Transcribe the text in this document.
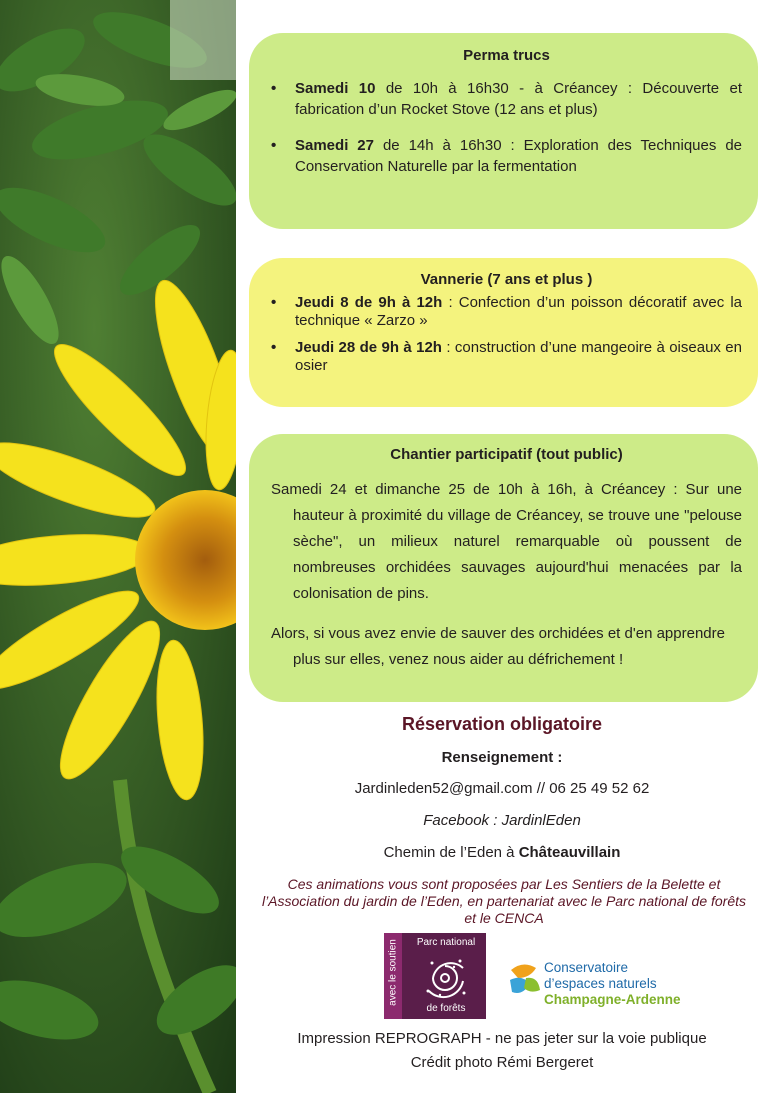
Perma trucs
• Samedi 10 de 10h à 16h30 - à Créancey : Découverte et fabrication d’un Rocket Stove (12 ans et plus)
• Samedi 27 de 14h à 16h30 : Exploration des Techniques de Conservation Naturelle par la fermentation
Vannerie (7 ans et plus )
• Jeudi 8 de 9h à 12h : Confection d’un poisson décoratif avec la technique « Zarzo »
• Jeudi 28 de 9h à 12h : construction d’une mangeoire à oiseaux en osier
Chantier participatif (tout public)
Samedi 24 et dimanche 25 de 10h à 16h, à Créancey : Sur une hauteur à proximité du village de Créancey, se trouve une "pelouse sèche", un milieux naturel remarquable où poussent de nombreuses orchidées sauvages aujourd'hui menacées par la colonisation de pins.
Alors, si vous avez envie de sauver des orchidées et d'en apprendre plus sur elles, venez nous aider au défrichement !
Réservation obligatoire
Renseignement :
Jardinleden52@gmail.com // 06 25 49 52 62
Facebook : JardinlEden
Chemin de l’Eden à Châteauvillain
Ces animations vous sont proposées par Les Sentiers de la Belette et l’Association du jardin de l’Eden, en partenariat avec le Parc national de forêts et le CENCA
avec le soutien	Parc national
de forêts
Conservatoire
d’espaces naturels
Champagne-Ardenne
Impression REPROGRAPH - ne pas jeter sur la voie publique
Crédit photo Rémi Bergeret
